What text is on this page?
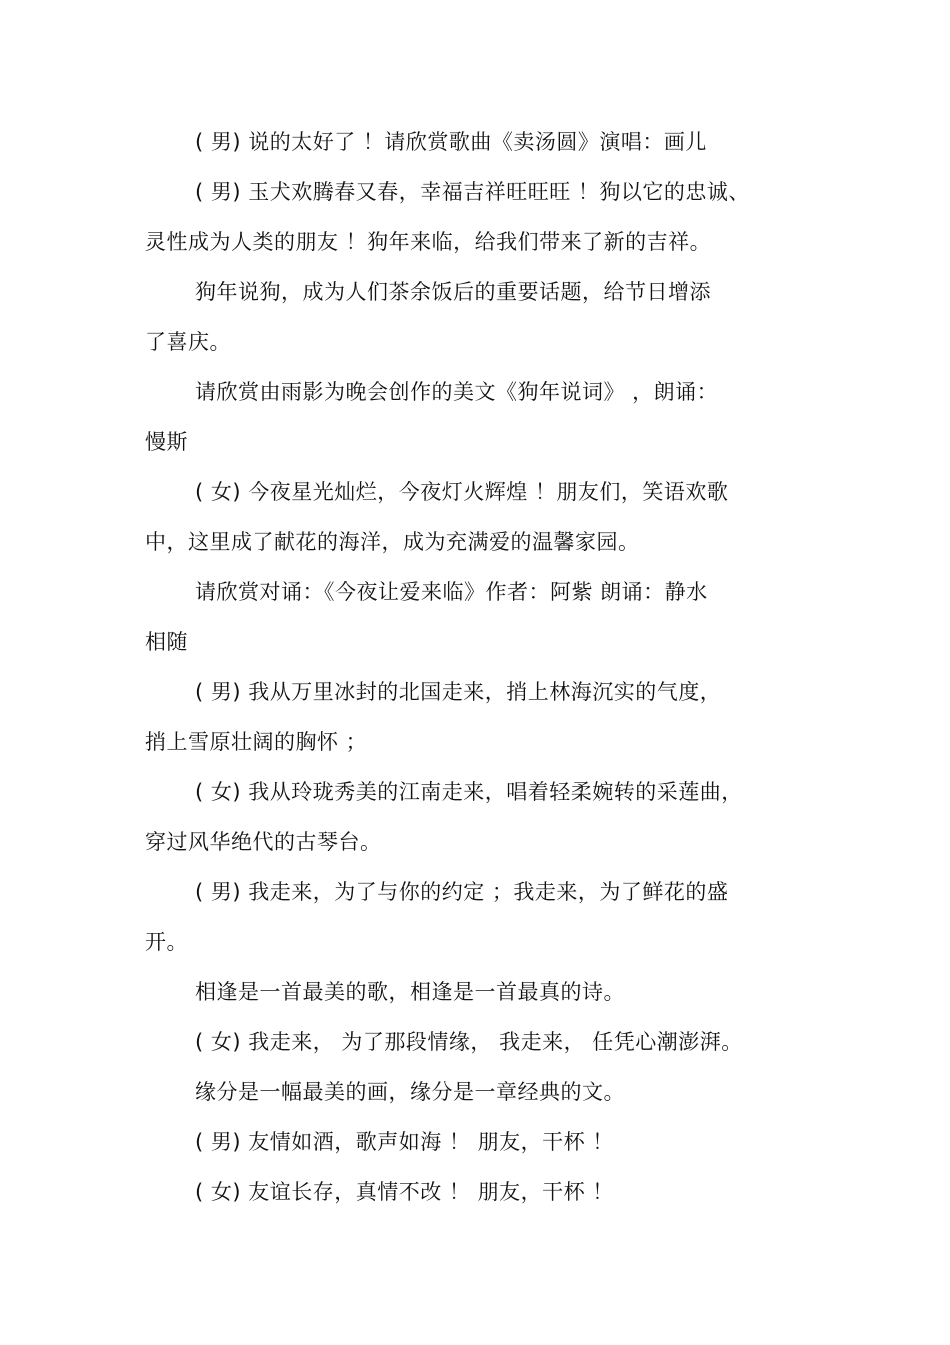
( 男) 说的太好了 ！请欣赏歌曲《卖汤圆》演唱：画儿
( 男) 玉犬欢腾春又春，幸福吉祥旺旺旺 ！狗以它的忠诚、
灵性成为人类的朋友 ！狗年来临，给我们带来了新的吉祥。
狗年说狗，成为人们茶余饭后的重要话题，给节日增添
了喜庆。
请欣赏由雨影为晚会创作的美文《狗年说词》 ，朗诵：
慢斯
( 女) 今夜星光灿烂，今夜灯火辉煌 ！朋友们，笑语欢歌
中，这里成了献花的海洋，成为充满爱的温馨家园。
请欣赏对诵：《今夜让爱来临》作者：阿紫 朗诵：静水
相随
( 男) 我从万里冰封的北国走来，捎上林海沉实的气度，
捎上雪原壮阔的胸怀 ；
( 女) 我从玲珑秀美的江南走来，唱着轻柔婉转的采莲曲，
穿过风华绝代的古琴台。
( 男) 我走来，为了与你的约定 ；我走来，为了鲜花的盛
开。
相逢是一首最美的歌，相逢是一首最真的诗。
( 女) 我走来， 为了那段情缘， 我走来， 任凭心潮澎湃。
缘分是一幅最美的画，缘分是一章经典的文。
( 男) 友情如酒，歌声如海 ！ 朋友，干杯 ！
( 女) 友谊长存，真情不改 ！ 朋友，干杯 ！
